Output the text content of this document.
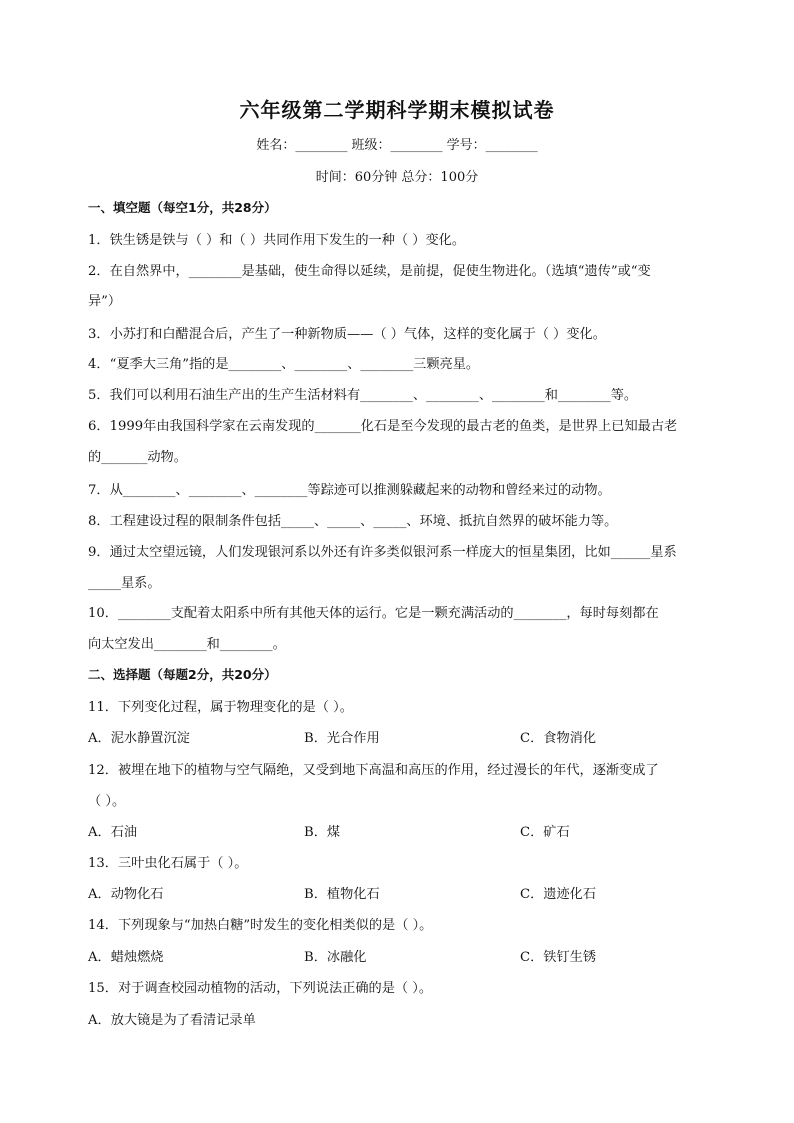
六年级第二学期科学期末模拟试卷
姓名：________ 班级：________ 学号：________
时间：60分钟 总分：100分
一、填空题（每空1分，共28分）
1．铁生锈是铁与（ ）和（ ）共同作用下发生的一种（ ）变化。
2．在自然界中，________是基础，使生命得以延续，是前提，促使生物进化。（选填“遗传”或“变
异”）
3．小苏打和白醋混合后，产生了一种新物质——（ ）气体，这样的变化属于（ ）变化。
4．“夏季大三角”指的是________、________、________三颗亮星。
5．我们可以利用石油生产出的生产生活材料有________、________、________和________等。
6．1999年由我国科学家在云南发现的_______化石是至今发现的最古老的鱼类，是世界上已知最古老
的_______动物。
7．从________、________、________等踪迹可以推测躲藏起来的动物和曾经来过的动物。
8．工程建设过程的限制条件包括_____、_____、_____、环境、抵抗自然界的破坏能力等。
9．通过太空望远镜，人们发现银河系以外还有许多类似银河系一样庞大的恒星集团，比如______星系
_____星系。
10．________支配着太阳系中所有其他天体的运行。它是一颗充满活动的________，每时每刻都在
向太空发出________和________。
二、选择题（每题2分，共20分）
11．下列变化过程，属于物理变化的是（ ）。
A．泥水静置沉淀	B．光合作用	C．食物消化
12．被埋在地下的植物与空气隔绝，又受到地下高温和高压的作用，经过漫长的年代，逐渐变成了
（ ）。
A．石油	B．煤	C．矿石
13．三叶虫化石属于（ ）。
A．动物化石	B．植物化石	C．遗迹化石
14．下列现象与“加热白糖”时发生的变化相类似的是（ ）。
A．蜡烛燃烧	B．冰融化	C．铁钉生锈
15．对于调查校园动植物的活动，下列说法正确的是（ ）。
A．放大镜是为了看清记录单
